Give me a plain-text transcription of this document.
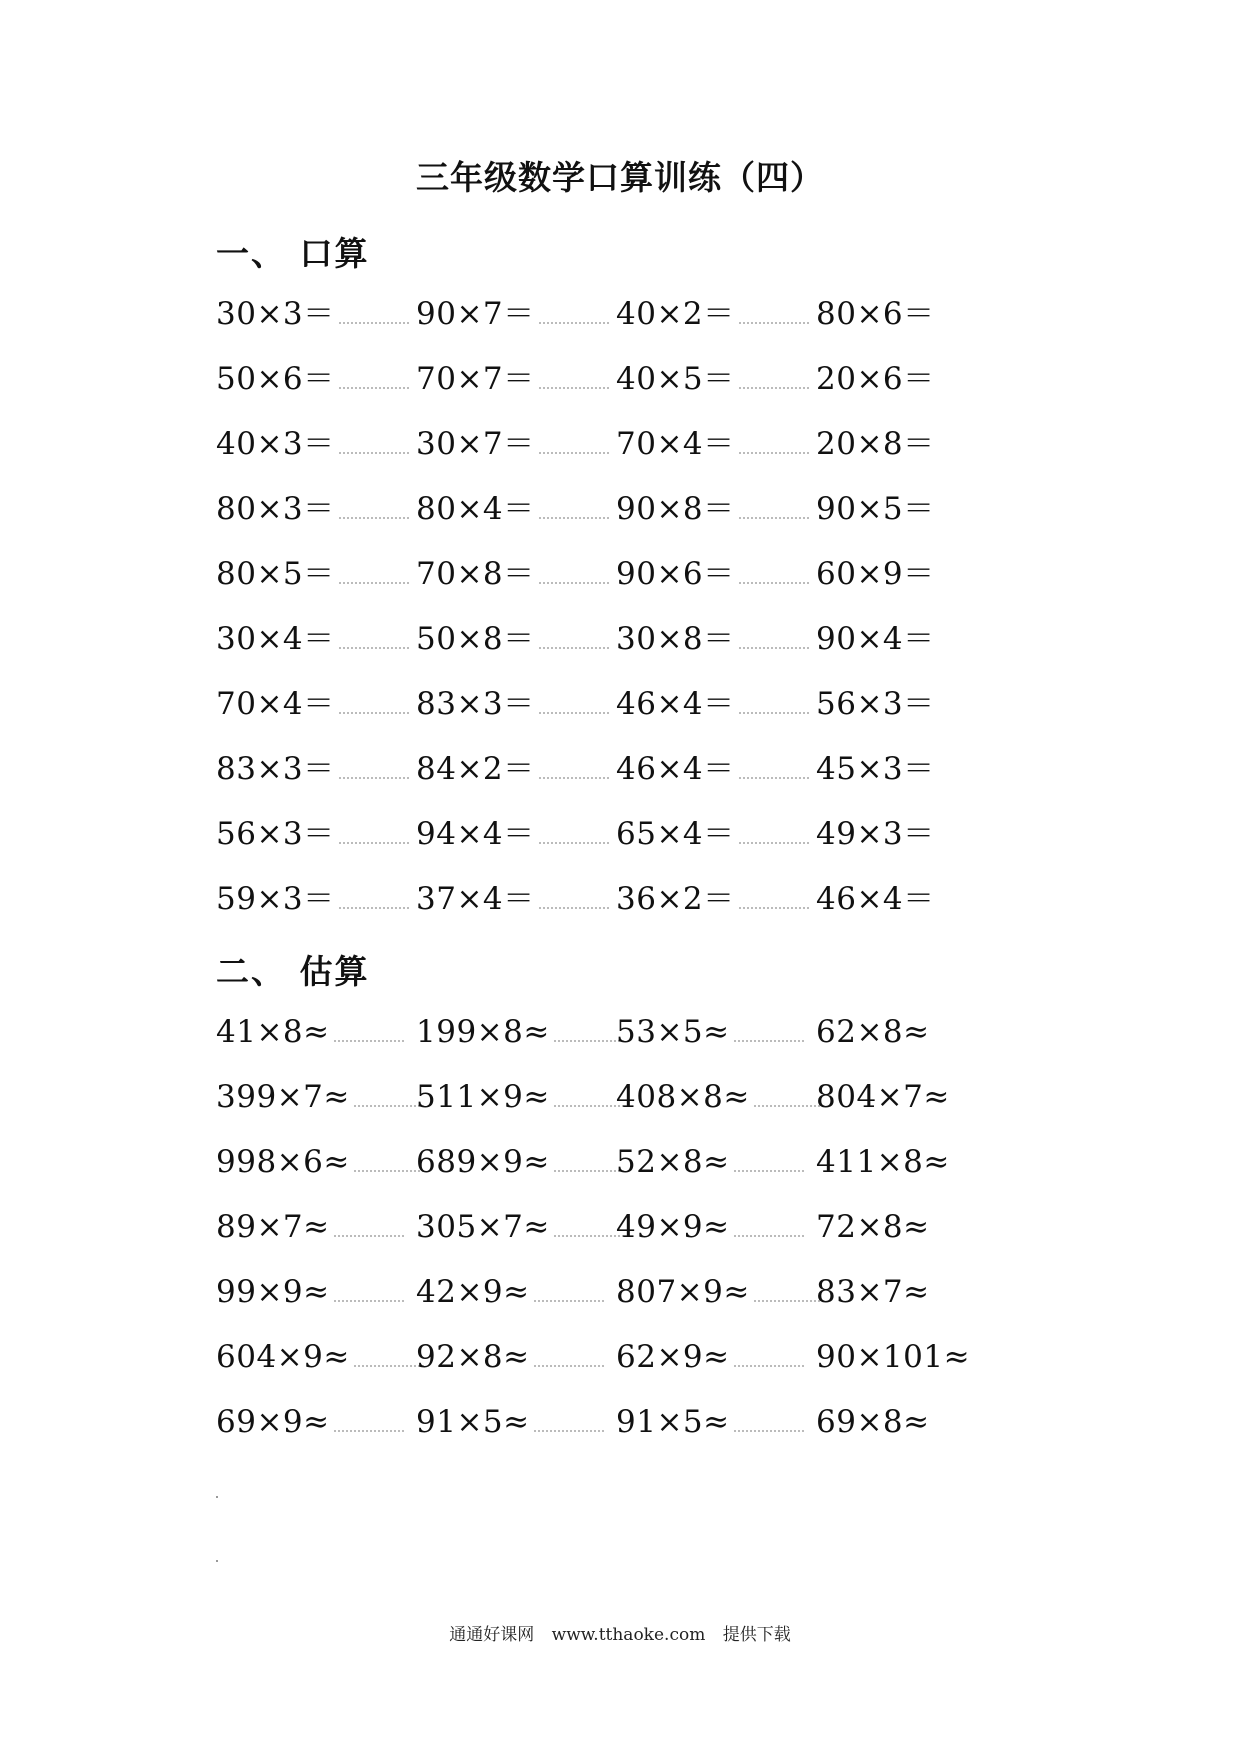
三年级数学口算训练（四）
一、 口算
30×3＝	90×7＝	40×2＝	80×6＝
50×6＝	70×7＝	40×5＝	20×6＝
40×3＝	30×7＝	70×4＝	20×8＝
80×3＝	80×4＝	90×8＝	90×5＝
80×5＝	70×8＝	90×6＝	60×9＝
30×4＝	50×8＝	30×8＝	90×4＝
70×4＝	83×3＝	46×4＝	56×3＝
83×3＝	84×2＝	46×4＝	45×3＝
56×3＝	94×4＝	65×4＝	49×3＝
59×3＝	37×4＝	36×2＝	46×4＝
二、 估算
41×8≈	199×8≈	53×5≈	62×8≈
399×7≈	511×9≈	408×8≈	804×7≈
998×6≈	689×9≈	52×8≈	411×8≈
89×7≈	305×7≈	49×9≈	72×8≈
99×9≈	42×9≈	807×9≈	83×7≈
604×9≈	92×8≈	62×9≈	90×101≈
69×9≈	91×5≈	91×5≈	69×8≈
通通好课网 www.tthaoke.com 提供下载
